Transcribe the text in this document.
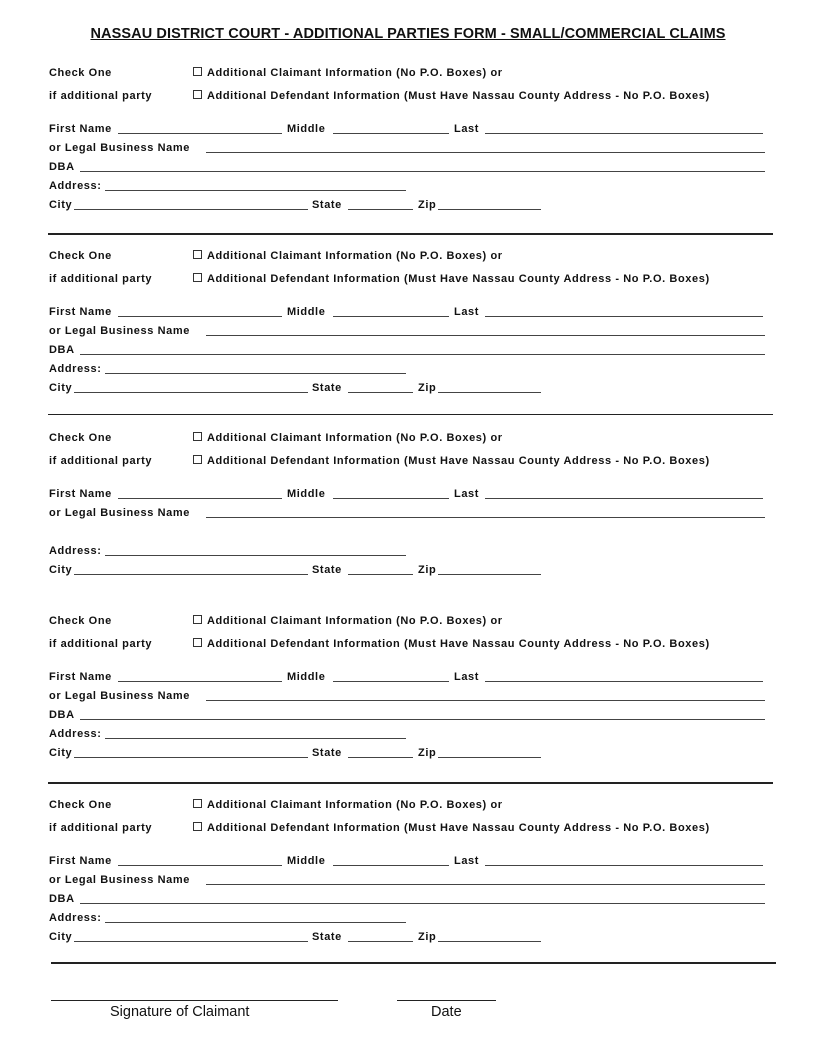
NASSAU DISTRICT COURT - ADDITIONAL PARTIES FORM - SMALL/COMMERCIAL CLAIMS
Check One
if additional party
Additional Claimant Information (No P.O. Boxes) or
Additional Defendant Information (Must Have Nassau County Address - No P.O. Boxes)
First Name	Middle	Last
or Legal Business Name
DBA
Address:
City	State	Zip
Check One
if additional party
Additional Claimant Information (No P.O. Boxes) or
Additional Defendant Information (Must Have Nassau County Address - No P.O. Boxes)
First Name	Middle	Last
or Legal Business Name
DBA
Address:
City	State	Zip
Check One
if additional party
Additional Claimant Information (No P.O. Boxes) or
Additional Defendant Information (Must Have Nassau County Address - No P.O. Boxes)
First Name	Middle	Last
or Legal Business Name
Address:
City	State	Zip
Check One
if additional party
Additional Claimant Information (No P.O. Boxes) or
Additional Defendant Information (Must Have Nassau County Address - No P.O. Boxes)
First Name	Middle	Last
or Legal Business Name
DBA
Address:
City	State	Zip
Check One
if additional party
Additional Claimant Information (No P.O. Boxes) or
Additional Defendant Information (Must Have Nassau County Address - No P.O. Boxes)
First Name	Middle	Last
or Legal Business Name
DBA
Address:
City	State	Zip
Signature of Claimant	Date
